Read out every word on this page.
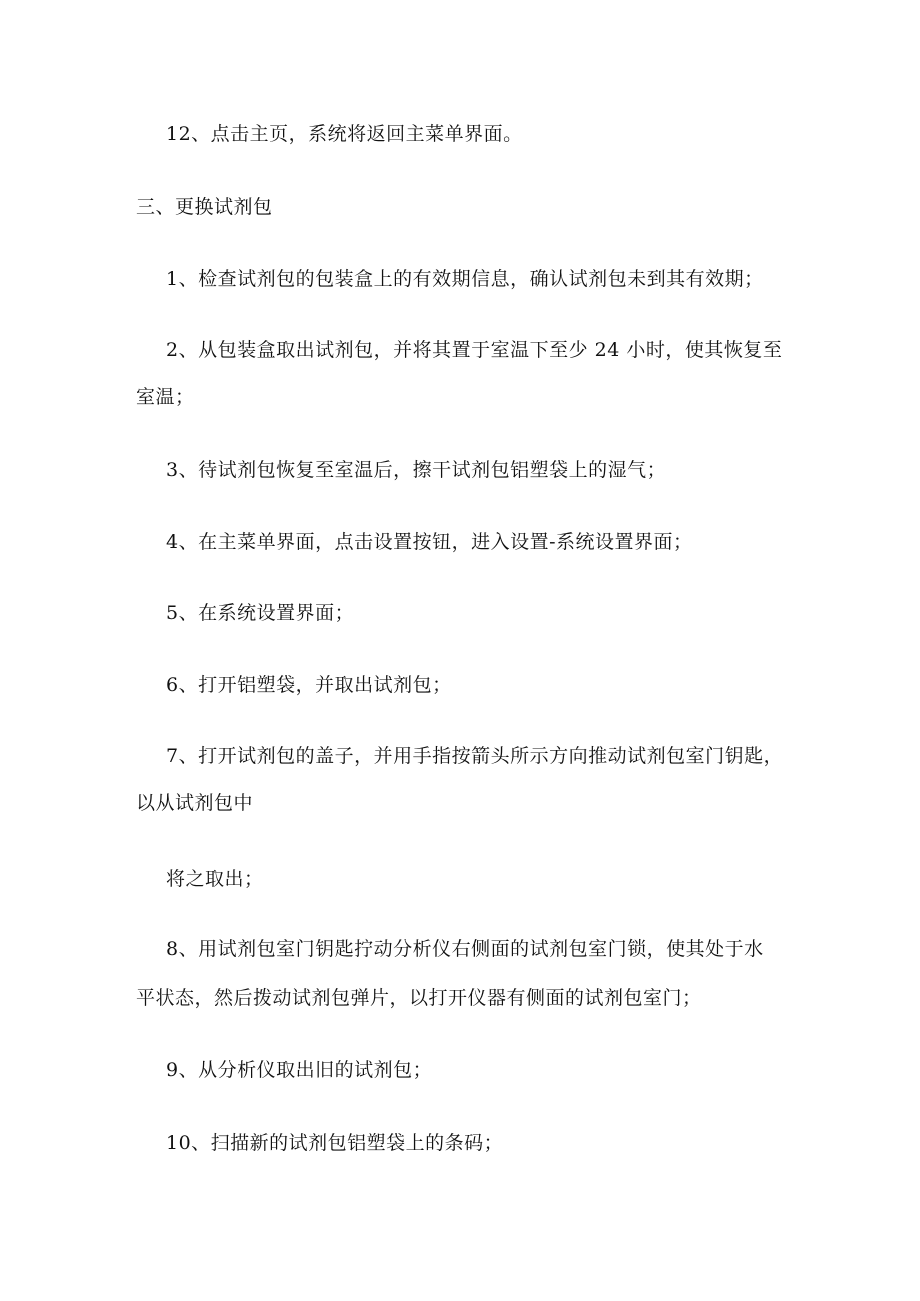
12、点击主页，系统将返回主菜单界面。
三、更换试剂包
1、检查试剂包的包装盒上的有效期信息，确认试剂包未到其有效期；
2、从包装盒取出试剂包，并将其置于室温下至少 24 小时，使其恢复至
室温；
3、待试剂包恢复至室温后，擦干试剂包铝塑袋上的湿气；
4、在主菜单界面，点击设置按钮，进入设置-系统设置界面；
5、在系统设置界面；
6、打开铝塑袋，并取出试剂包；
7、打开试剂包的盖子，并用手指按箭头所示方向推动试剂包室门钥匙，
以从试剂包中
将之取出；
8、用试剂包室门钥匙拧动分析仪右侧面的试剂包室门锁，使其处于水
平状态，然后拨动试剂包弹片，以打开仪器有侧面的试剂包室门；
9、从分析仪取出旧的试剂包；
10、扫描新的试剂包铝塑袋上的条码；
